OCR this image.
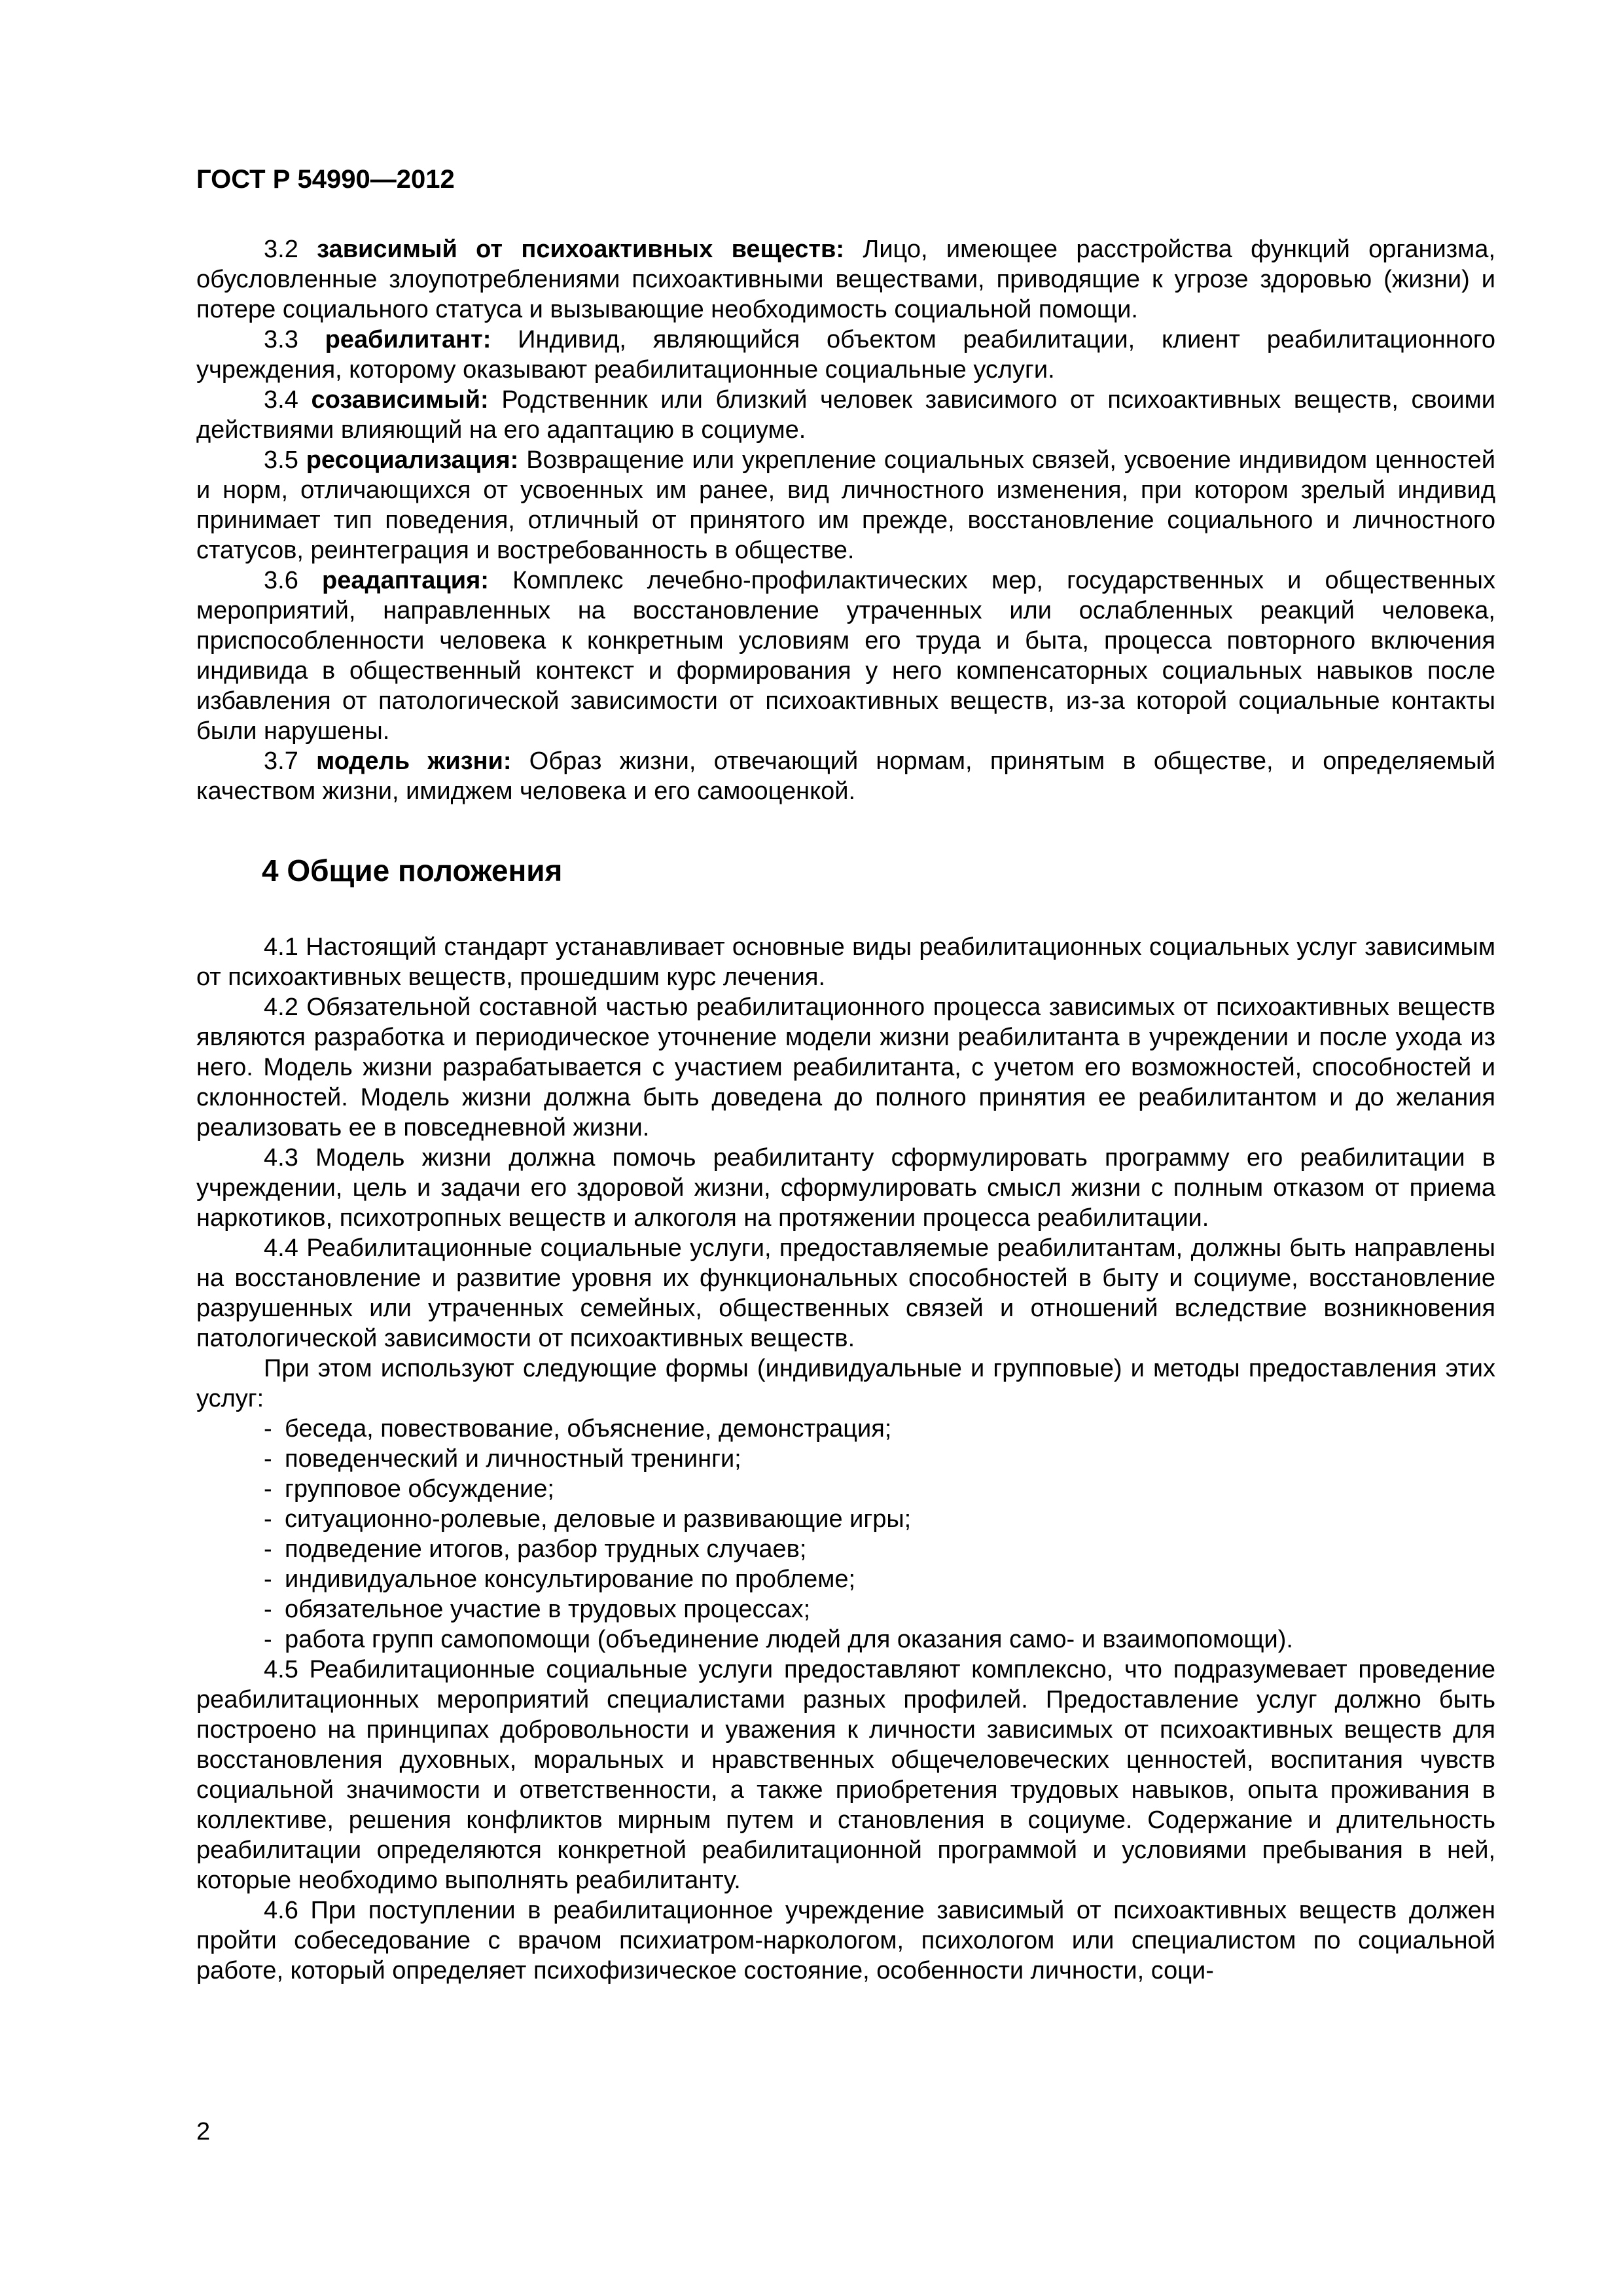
ГОСТ Р 54990—2012

3.2 зависимый от психоактивных веществ: Лицо, имеющее расстройства функций организма, обусловленные злоупотреблениями психоактивными веществами, приводящие к угрозе здоровью (жизни) и потере социального статуса и вызывающие необходимость социальной помощи.

3.3 реабилитант: Индивид, являющийся объектом реабилитации, клиент реабилитационного учреждения, которому оказывают реабилитационные социальные услуги.

3.4 созависимый: Родственник или близкий человек зависимого от психоактивных веществ, своими действиями влияющий на его адаптацию в социуме.

3.5 ресоциализация: Возвращение или укрепление социальных связей, усвоение индивидом ценностей и норм, отличающихся от усвоенных им ранее, вид личностного изменения, при котором зрелый индивид принимает тип поведения, отличный от принятого им прежде, восстановление социального и личностного статусов, реинтеграция и востребованность в обществе.

3.6 реадаптация: Комплекс лечебно-профилактических мер, государственных и общественных мероприятий, направленных на восстановление утраченных или ослабленных реакций человека, приспособленности человека к конкретным условиям его труда и быта, процесса повторного включения индивида в общественный контекст и формирования у него компенсаторных социальных навыков после избавления от патологической зависимости от психоактивных веществ, из-за которой социальные контакты были нарушены.

3.7 модель жизни: Образ жизни, отвечающий нормам, принятым в обществе, и определяемый качеством жизни, имиджем человека и его самооценкой.

4 Общие положения

4.1 Настоящий стандарт устанавливает основные виды реабилитационных социальных услуг зависимым от психоактивных веществ, прошедшим курс лечения.

4.2 Обязательной составной частью реабилитационного процесса зависимых от психоактивных веществ являются разработка и периодическое уточнение модели жизни реабилитанта в учреждении и после ухода из него. Модель жизни разрабатывается с участием реабилитанта, с учетом его возможностей, способностей и склонностей. Модель жизни должна быть доведена до полного принятия ее реабилитантом и до желания реализовать ее в повседневной жизни.

4.3 Модель жизни должна помочь реабилитанту сформулировать программу его реабилитации в учреждении, цель и задачи его здоровой жизни, сформулировать смысл жизни с полным отказом от приема наркотиков, психотропных веществ и алкоголя на протяжении процесса реабилитации.

4.4 Реабилитационные социальные услуги, предоставляемые реабилитантам, должны быть направлены на восстановление и развитие уровня их функциональных способностей в быту и социуме, восстановление разрушенных или утраченных семейных, общественных связей и отношений вследствие возникновения патологической зависимости от психоактивных веществ.

При этом используют следующие формы (индивидуальные и групповые) и методы предоставления этих услуг:

- беседа, повествование, объяснение, демонстрация;
- поведенческий и личностный тренинги;
- групповое обсуждение;
- ситуационно-ролевые, деловые и развивающие игры;
- подведение итогов, разбор трудных случаев;
- индивидуальное консультирование по проблеме;
- обязательное участие в трудовых процессах;
- работа групп самопомощи (объединение людей для оказания само- и взаимопомощи).

4.5 Реабилитационные социальные услуги предоставляют комплексно, что подразумевает проведение реабилитационных мероприятий специалистами разных профилей. Предоставление услуг должно быть построено на принципах добровольности и уважения к личности зависимых от психоактивных веществ для восстановления духовных, моральных и нравственных общечеловеческих ценностей, воспитания чувств социальной значимости и ответственности, а также приобретения трудовых навыков, опыта проживания в коллективе, решения конфликтов мирным путем и становления в социуме. Содержание и длительность реабилитации определяются конкретной реабилитационной программой и условиями пребывания в ней, которые необходимо выполнять реабилитанту.

4.6 При поступлении в реабилитационное учреждение зависимый от психоактивных веществ должен пройти собеседование с врачом психиатром-наркологом, психологом или специалистом по социальной работе, который определяет психофизическое состояние, особенности личности, соци-

2
